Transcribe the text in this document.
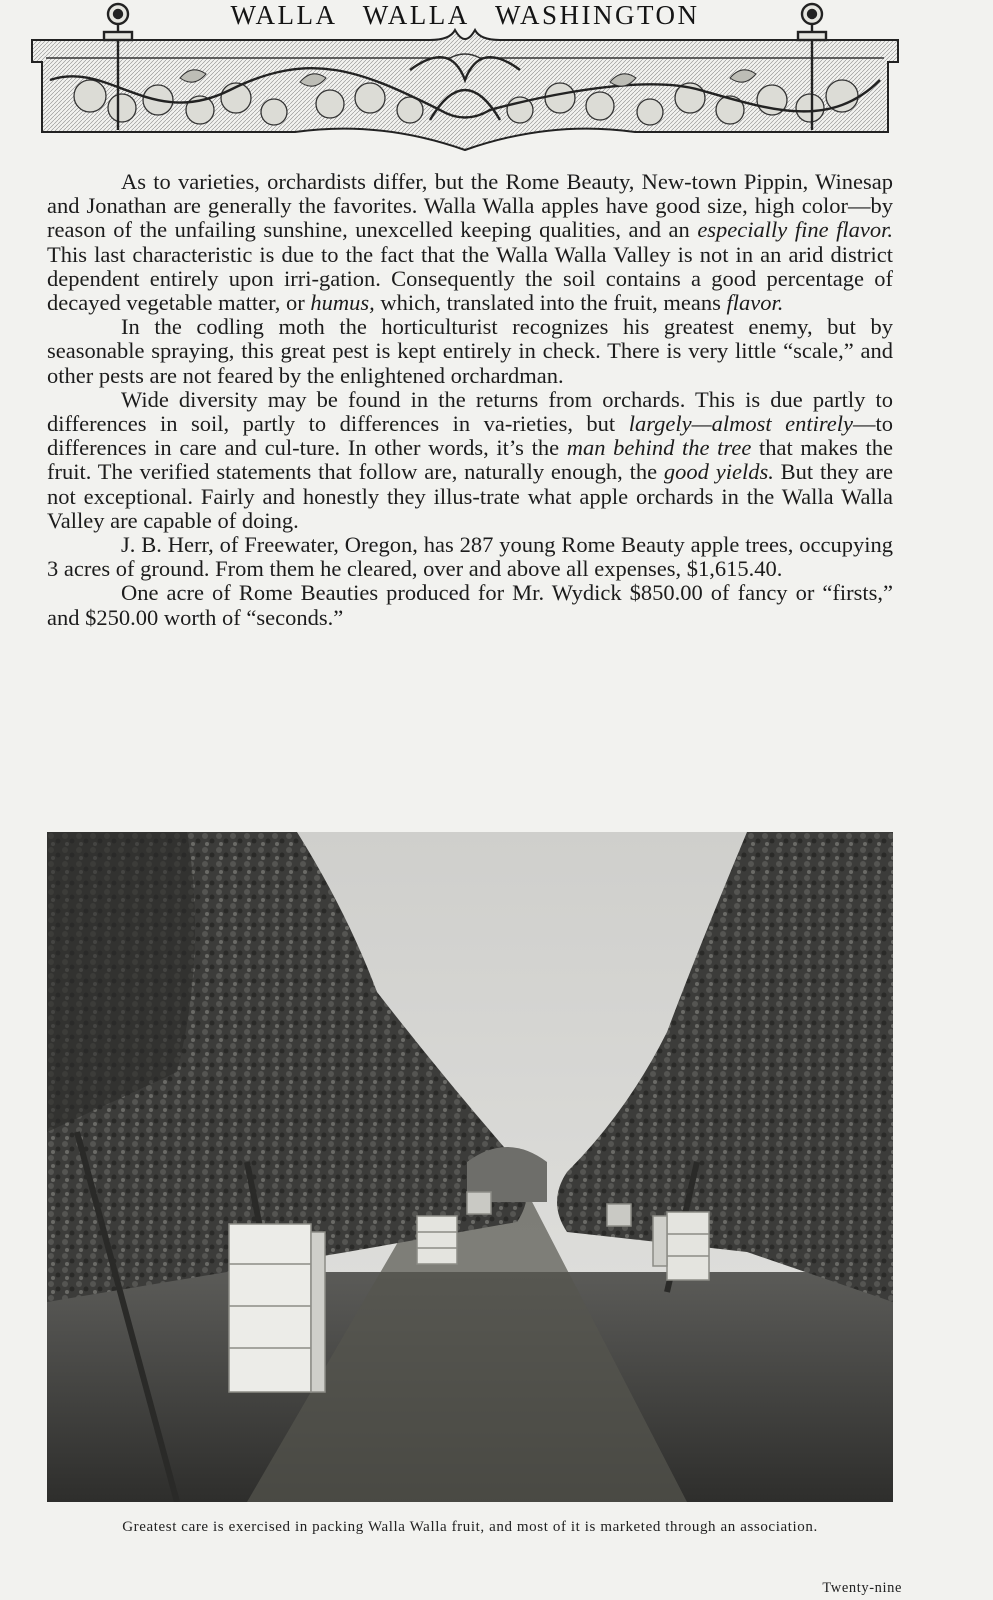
WALLA WALLA WASHINGTON

As to varieties, orchardists differ, but the Rome Beauty, New-town Pippin, Winesap and Jonathan are generally the favorites. Walla Walla apples have good size, high color—by reason of the unfailing sunshine, unexcelled keeping qualities, and an especially fine flavor. This last characteristic is due to the fact that the Walla Walla Valley is not in an arid district dependent entirely upon irri-gation. Consequently the soil contains a good percentage of decayed vegetable matter, or humus, which, translated into the fruit, means flavor.

In the codling moth the horticulturist recognizes his greatest enemy, but by seasonable spraying, this great pest is kept entirely in check. There is very little “scale,” and other pests are not feared by the enlightened orchardman.

Wide diversity may be found in the returns from orchards. This is due partly to differences in soil, partly to differences in va-rieties, but largely—almost entirely—to differences in care and cul-ture. In other words, it’s the man behind the tree that makes the fruit. The verified statements that follow are, naturally enough, the good yields. But they are not exceptional. Fairly and honestly they illus-trate what apple orchards in the Walla Walla Valley are capable of doing.

J. B. Herr, of Freewater, Oregon, has 287 young Rome Beauty apple trees, occupying 3 acres of ground. From them he cleared, over and above all expenses, $1,615.40.

One acre of Rome Beauties produced for Mr. Wydick $850.00 of fancy or “firsts,” and $250.00 worth of “seconds.”

Greatest care is exercised in packing Walla Walla fruit, and most of it is marketed through an association.
Twenty-nine
